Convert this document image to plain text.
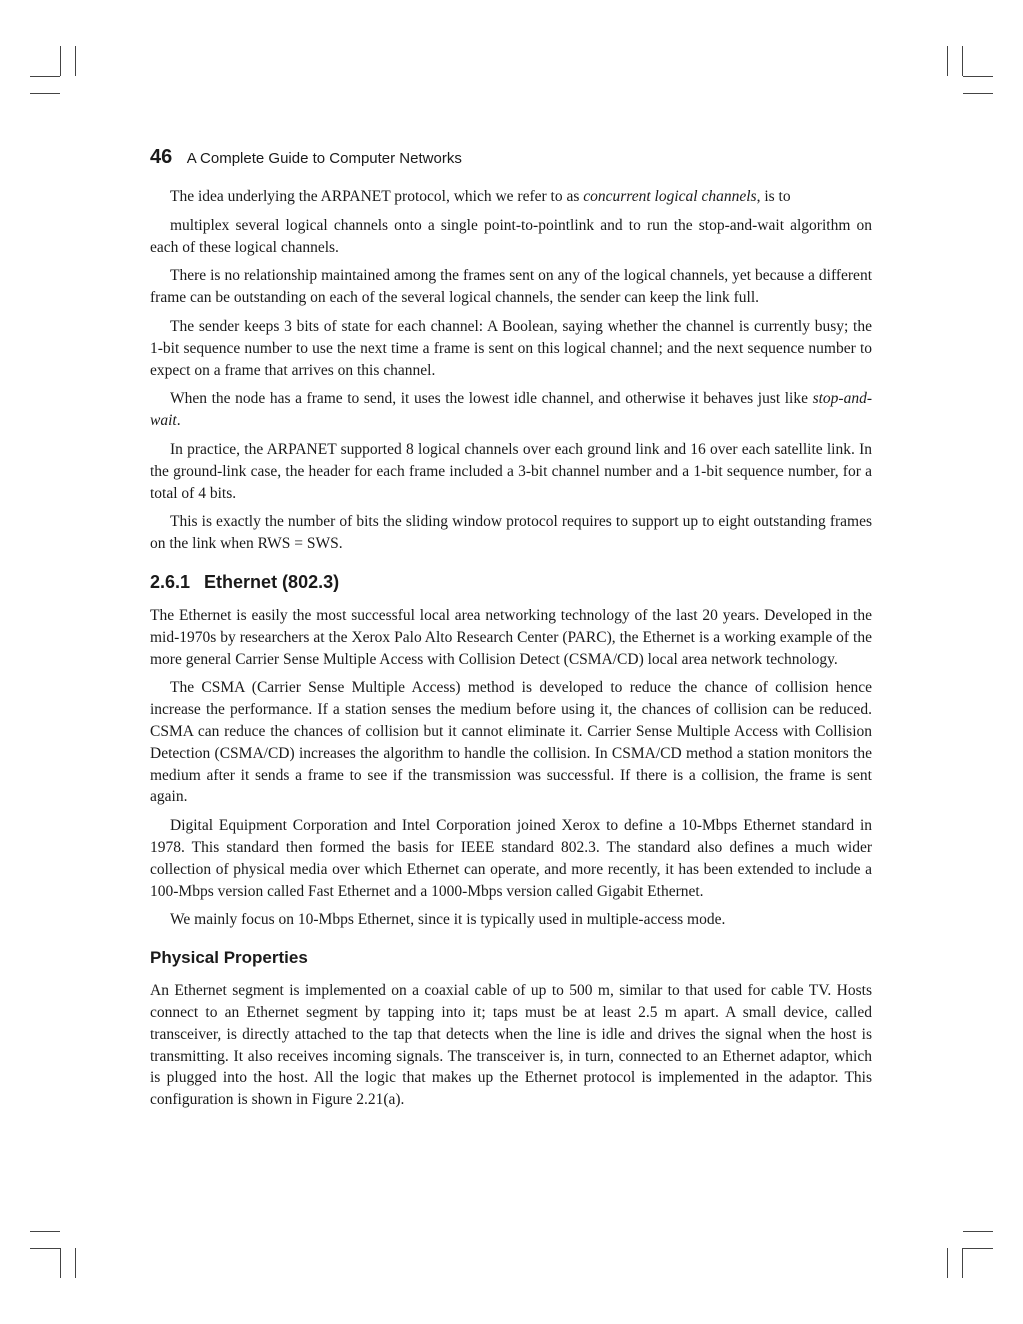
46 A Complete Guide to Computer Networks

The idea underlying the ARPANET protocol, which we refer to as concurrent logical channels, is to

multiplex several logical channels onto a single point-to-pointlink and to run the stop-and-wait algorithm on each of these logical channels.

There is no relationship maintained among the frames sent on any of the logical channels, yet because a different frame can be outstanding on each of the several logical channels, the sender can keep the link full.

The sender keeps 3 bits of state for each channel: A Boolean, saying whether the channel is currently busy; the 1-bit sequence number to use the next time a frame is sent on this logical channel; and the next sequence number to expect on a frame that arrives on this channel.

When the node has a frame to send, it uses the lowest idle channel, and otherwise it behaves just like stop-and-wait.

In practice, the ARPANET supported 8 logical channels over each ground link and 16 over each satellite link. In the ground-link case, the header for each frame included a 3-bit channel number and a 1-bit sequence number, for a total of 4 bits.

This is exactly the number of bits the sliding window protocol requires to support up to eight outstanding frames on the link when RWS = SWS.

2.6.1 Ethernet (802.3)

The Ethernet is easily the most successful local area networking technology of the last 20 years. Developed in the mid-1970s by researchers at the Xerox Palo Alto Research Center (PARC), the Ethernet is a working example of the more general Carrier Sense Multiple Access with Collision Detect (CSMA/CD) local area network technology.

The CSMA (Carrier Sense Multiple Access) method is developed to reduce the chance of collision hence increase the performance. If a station senses the medium before using it, the chances of collision can be reduced. CSMA can reduce the chances of collision but it cannot eliminate it. Carrier Sense Multiple Access with Collision Detection (CSMA/CD) increases the algorithm to handle the collision. In CSMA/CD method a station monitors the medium after it sends a frame to see if the transmission was successful. If there is a collision, the frame is sent again.

Digital Equipment Corporation and Intel Corporation joined Xerox to define a 10-Mbps Ethernet standard in 1978. This standard then formed the basis for IEEE standard 802.3. The standard also defines a much wider collection of physical media over which Ethernet can operate, and more recently, it has been extended to include a 100-Mbps version called Fast Ethernet and a 1000-Mbps version called Gigabit Ethernet.

We mainly focus on 10-Mbps Ethernet, since it is typically used in multiple-access mode.

Physical Properties

An Ethernet segment is implemented on a coaxial cable of up to 500 m, similar to that used for cable TV. Hosts connect to an Ethernet segment by tapping into it; taps must be at least 2.5 m apart. A small device, called transceiver, is directly attached to the tap that detects when the line is idle and drives the signal when the host is transmitting. It also receives incoming signals. The transceiver is, in turn, connected to an Ethernet adaptor, which is plugged into the host. All the logic that makes up the Ethernet protocol is implemented in the adaptor. This configuration is shown in Figure 2.21(a).
